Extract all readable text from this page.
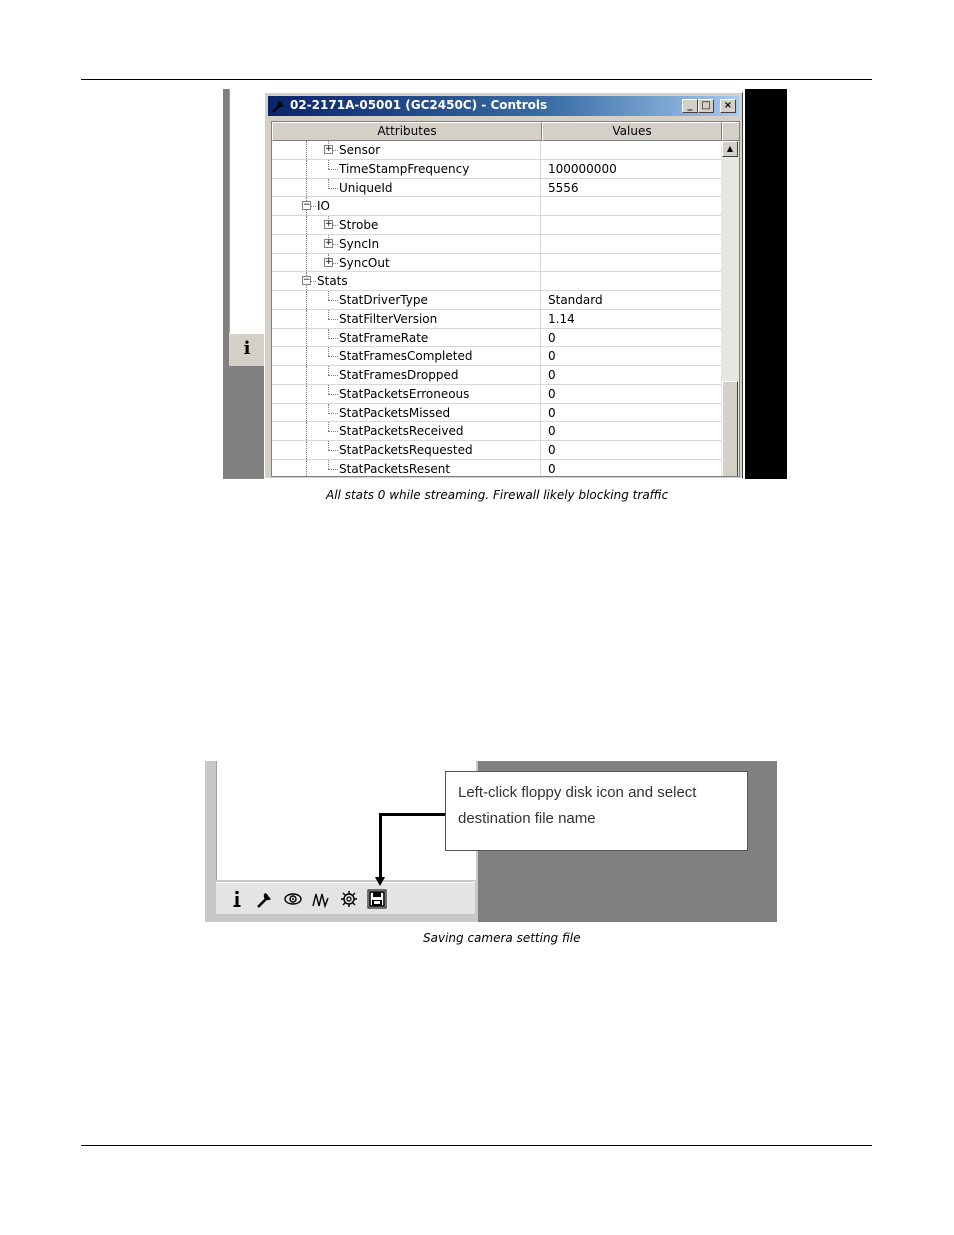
i
02-2171A-05001 (GC2450C) - Controls	_ □	×
Attributes	Values
+ Sensor
TimeStampFrequency	100000000
UniqueId	5556
− IO
+ Strobe
+ SyncIn
+ SyncOut
− Stats
StatDriverType	Standard
StatFilterVersion	1.14
StatFrameRate	0
StatFramesCompleted	0
StatFramesDropped	0
StatPacketsErroneous	0
StatPacketsMissed	0
StatPacketsReceived	0
StatPacketsRequested	0
StatPacketsResent	0
▲
All stats 0 while streaming. Firewall likely blocking traffic
Left-click floppy disk icon and select destination file name
Saving camera setting file
